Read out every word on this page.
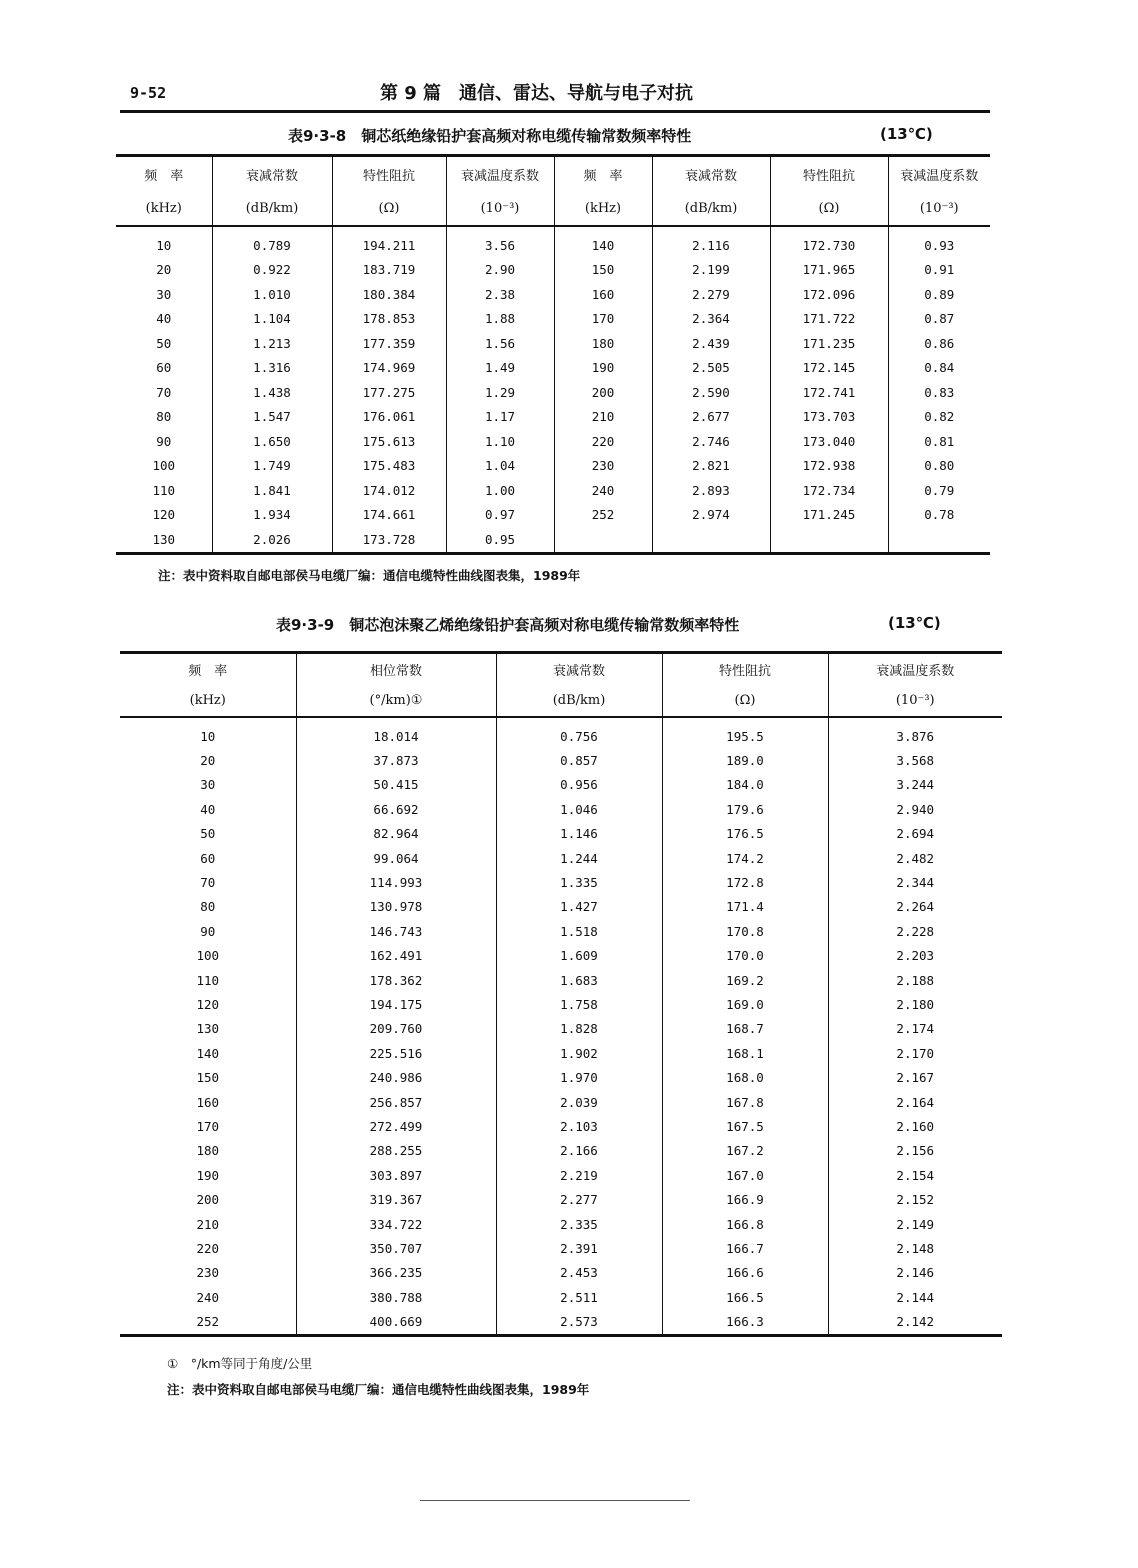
9-52	第 9 篇　通信、雷达、导航与电子对抗
表9·3-8　铜芯纸绝缘铅护套高频对称电缆传输常数频率特性	(13℃)
频　率	衰减常数	特性阻抗	衰减温度系数	频　率	衰减常数	特性阻抗	衰减温度系数
(kHz)	(dB/km)	(Ω)	(10⁻³)	(kHz)	(dB/km)	(Ω)	(10⁻³)
10	0.789	194.211	3.56	140	2.116	172.730	0.93
20	0.922	183.719	2.90	150	2.199	171.965	0.91
30	1.010	180.384	2.38	160	2.279	172.096	0.89
40	1.104	178.853	1.88	170	2.364	171.722	0.87
50	1.213	177.359	1.56	180	2.439	171.235	0.86
60	1.316	174.969	1.49	190	2.505	172.145	0.84
70	1.438	177.275	1.29	200	2.590	172.741	0.83
80	1.547	176.061	1.17	210	2.677	173.703	0.82
90	1.650	175.613	1.10	220	2.746	173.040	0.81
100	1.749	175.483	1.04	230	2.821	172.938	0.80
110	1.841	174.012	1.00	240	2.893	172.734	0.79
120	1.934	174.661	0.97	252	2.974	171.245	0.78
130	2.026	173.728	0.95				
注：表中资料取自邮电部侯马电缆厂编：通信电缆特性曲线图表集，1989年
表9·3-9　铜芯泡沫聚乙烯绝缘铅护套高频对称电缆传输常数频率特性	(13℃)
频　率	相位常数	衰减常数	特性阻抗	衰减温度系数
(kHz)	(°/km)①	(dB/km)	(Ω)	(10⁻³)
10	18.014	0.756	195.5	3.876
20	37.873	0.857	189.0	3.568
30	50.415	0.956	184.0	3.244
40	66.692	1.046	179.6	2.940
50	82.964	1.146	176.5	2.694
60	99.064	1.244	174.2	2.482
70	114.993	1.335	172.8	2.344
80	130.978	1.427	171.4	2.264
90	146.743	1.518	170.8	2.228
100	162.491	1.609	170.0	2.203
110	178.362	1.683	169.2	2.188
120	194.175	1.758	169.0	2.180
130	209.760	1.828	168.7	2.174
140	225.516	1.902	168.1	2.170
150	240.986	1.970	168.0	2.167
160	256.857	2.039	167.8	2.164
170	272.499	2.103	167.5	2.160
180	288.255	2.166	167.2	2.156
190	303.897	2.219	167.0	2.154
200	319.367	2.277	166.9	2.152
210	334.722	2.335	166.8	2.149
220	350.707	2.391	166.7	2.148
230	366.235	2.453	166.6	2.146
240	380.788	2.511	166.5	2.144
252	400.669	2.573	166.3	2.142
①　°/km等同于角度/公里
注：表中资料取自邮电部侯马电缆厂编：通信电缆特性曲线图表集，1989年
